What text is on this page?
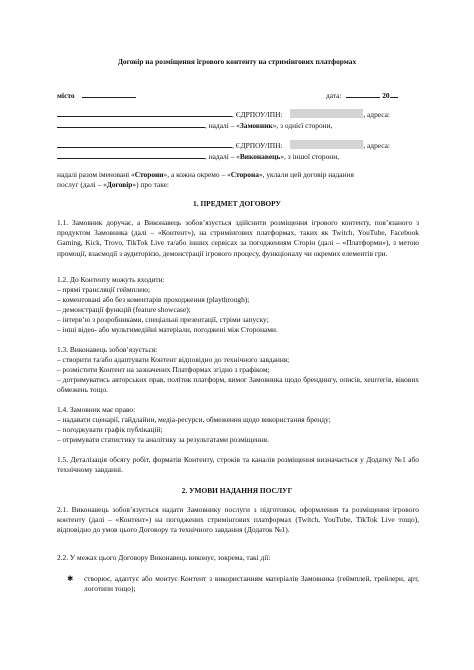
Договір на розміщення ігрового контенту на стримінгових платформах
місто	дата:	20
, ЄДРПОУ/ІПН:	, адреса:
, надалі – «Замовник», з однієї сторони,
, ЄДРПОУ/ІПН:	, адреса:
, надалі – «Виконавець», з іншої сторони,
надалі разом іменовані «Сторони», а кожна окремо – «Сторона», уклали цей договір надання
послуг (далі – «Договір») про таке:
1. ПРЕДМЕТ ДОГОВОРУ
1.1. Замовник доручає, а Виконавець зобов’язується здійснити розміщення ігрового контенту, пов’язаного з продуктом Замовника (далі – «Контент»), на стримінгових платформах, таких як Twitch, YouTube, Facebook Gaming, Kick, Trovo, TikTok Live та/або інших сервісах за погодженням Сторін (далі – «Платформи»), з метою промоції, взаємодії з аудиторією, демонстрації ігрового процесу, функціоналу чи окремих елементів гри.
1.2. До Контенту можуть входити:
– прямі трансляції геймплею;
– коментовані або без коментарів проходження (playthrough);
– демонстрації функцій (feature showcase);
– інтерв’ю з розробниками, спеціальні презентації, стріми запуску;
– інші відео- або мультимедійні матеріали, погоджені між Сторонами.
1.3. Виконавець зобов’язується:
– створити та/або адаптувати Контент відповідно до технічного завдання;
– розмістити Контент на зазначених Платформах згідно з графіком;
– дотримуватись авторських прав, політик платформ, вимог Замовника щодо брендингу, описів, хештегів, вікових обмежень тощо.
1.4. Замовник має право:
– надавати сценарії, гайдлайни, медіа-ресурси, обмеження щодо використання бренду;
– погоджувати графік публікацій;
– отримувати статистику та аналітику за результатами розміщення.
1.5. Деталізація обсягу робіт, форматів Контенту, строків та каналів розміщення визначається у Додатку №1 або технічному завданні.
2. УМОВИ НАДАННЯ ПОСЛУГ
2.1. Виконавець зобов’язується надати Замовнику послуги з підготовки, оформлення та розміщення ігрового контенту (далі – «Контент») на погоджених стримінгових платформах (Twitch, YouTube, TikTok Live тощо), відповідно до умов цього Договору та технічного завдання (Додаток №1).
2.2. У межах цього Договору Виконавець виконує, зокрема, такі дії:
✱	створює, адаптує або монтує Контент з використанням матеріалів Замовника (геймплей, трейлери, арт, логотипи тощо);
